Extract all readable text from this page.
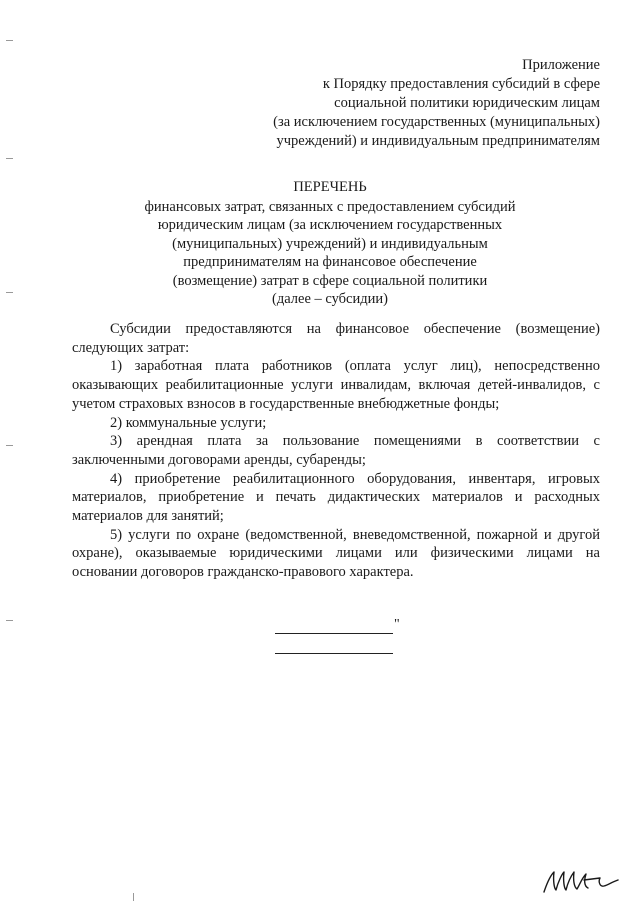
Приложение
к Порядку предоставления субсидий в сфере
социальной политики юридическим лицам
(за исключением государственных (муниципальных)
учреждений) и индивидуальным предпринимателям
ПЕРЕЧЕНЬ
финансовых затрат, связанных с предоставлением субсидий
юридическим лицам (за исключением государственных
(муниципальных) учреждений) и индивидуальным
предпринимателям на финансовое обеспечение
(возмещение) затрат в сфере социальной политики
(далее – субсидии)

Субсидии предоставляются на финансовое обеспечение (возмещение) следующих затрат:

1) заработная плата работников (оплата услуг лиц), непосредственно оказывающих реабилитационные услуги инвалидам, включая детей-инвалидов, с учетом страховых взносов в государственные внебюджетные фонды;

2) коммунальные услуги;

3) арендная плата за пользование помещениями в соответствии с заключенными договорами аренды, субаренды;

4) приобретение реабилитационного оборудования, инвентаря, игровых материалов, приобретение и печать дидактических материалов и расходных материалов для занятий;

5) услуги по охране (ведомственной, вневедомственной, пожарной и другой охране), оказываемые юридическими лицами или физическими лицами на основании договоров гражданско-правового характера.

"
